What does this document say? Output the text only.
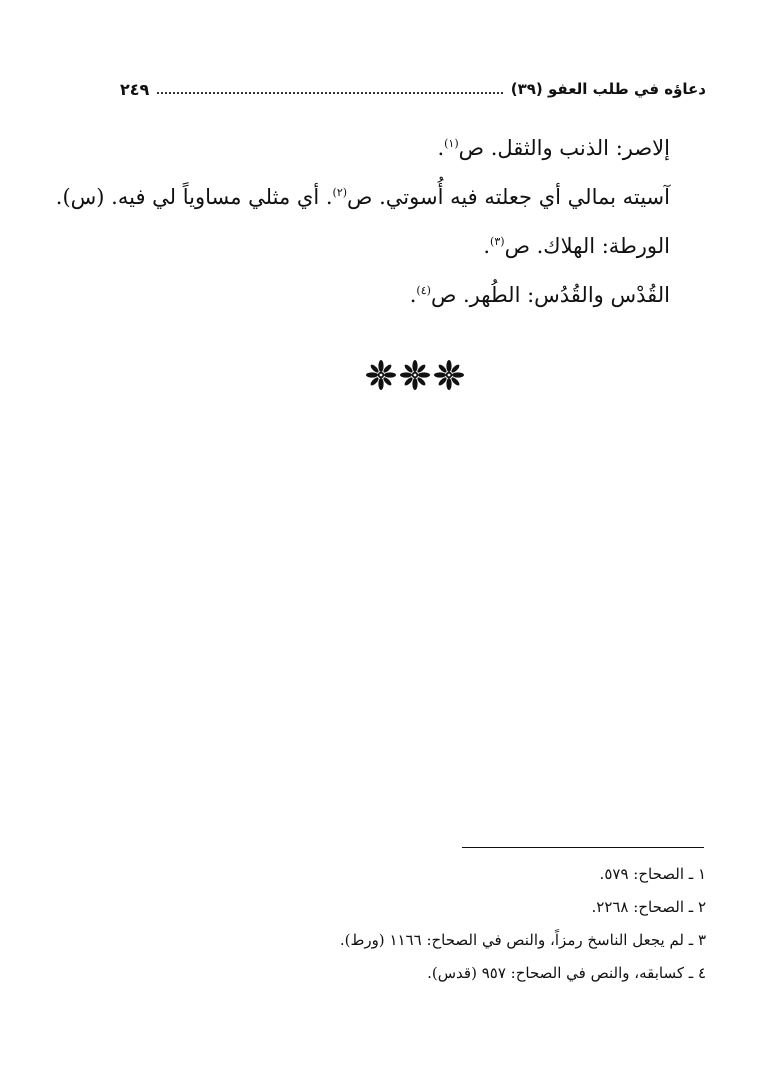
دعاؤه في طلب العفو (٣٩)
٢٤٩
إلاصر: الذنب والثقل. ص$^{(١)}$.
آسيته بمالي أي جعلته فيه أُسوتي. ص$^{(٢)}$. أي مثلي مساوياً لي فيه. (س).
الورطة: الهلاك. ص$^{(٣)}$.
القُدْس والقُدُس: الطُهر. ص$^{(٤)}$.
١ ـ الصحاح: ٥٧٩.
٢ ـ الصحاح: ٢٢٦٨.
٣ ـ لم يجعل الناسخ رمزاً، والنص في الصحاح: ١١٦٦ (ورط).
٤ ـ كسابقه، والنص في الصحاح: ٩٥٧ (قدس).
